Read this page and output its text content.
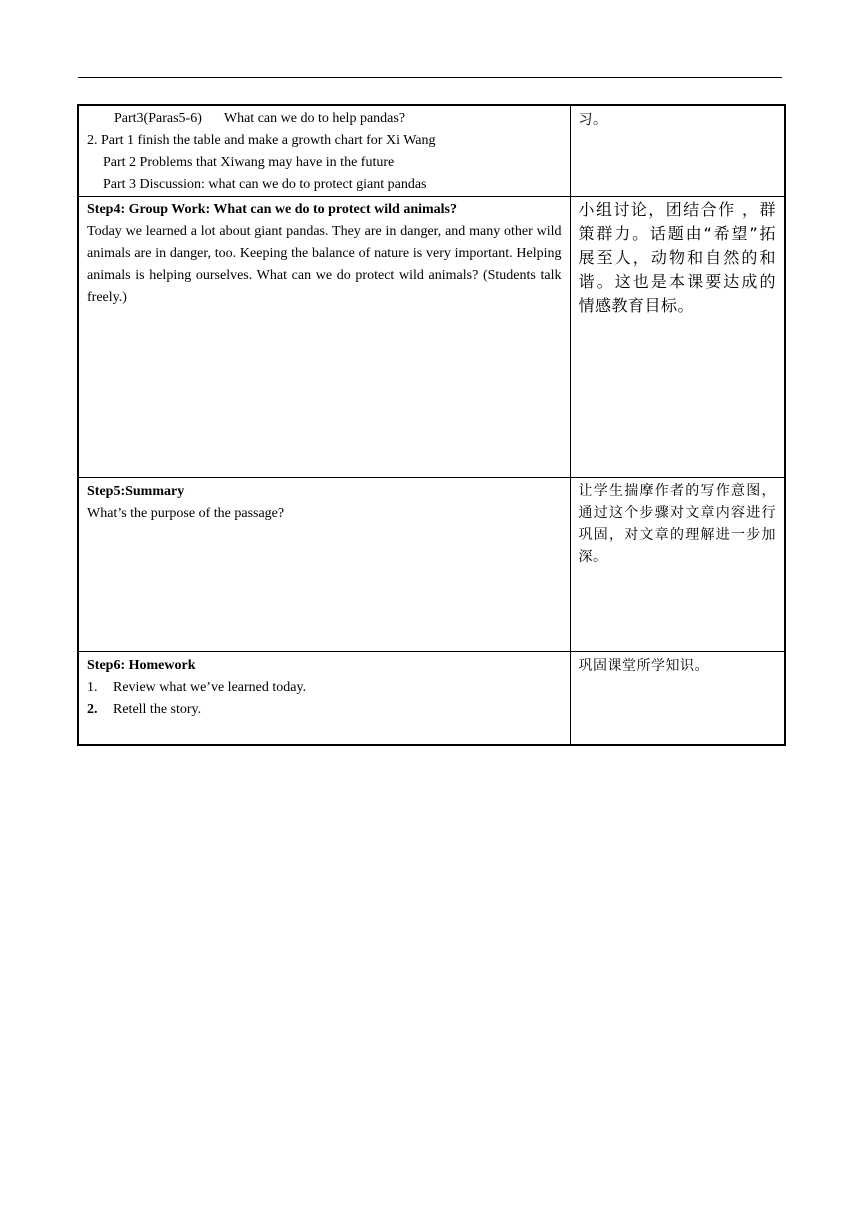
Part3(Paras5-6) What can we do to help pandas?

2. Part 1 finish the table and make a growth chart for Xi Wang

Part 2 Problems that Xiwang may have in the future

Part 3 Discussion: what can we do to protect giant pandas	习。

Step4: Group Work: What can we do to protect wild animals?

Today we learned a lot about giant pandas. They are in danger, and many other wild animals are in danger, too. Keeping the balance of nature is very important. Helping animals is helping ourselves. What can we do protect wild animals? (Students talk freely.)	小组讨论，团结合作 ，群策群力。话题由“希望”拓展至人，动物和自然的和谐。这也是本课要达成的情感教育目标。

Step5:Summary

What’s the purpose of the passage?	让学生揣摩作者的写作意图，通过这个步骤对文章内容进行巩固，对文章的理解进一步加深。

Step6: Homework

1. Review what we’ve learned today.

2. Retell the story.	巩固课堂所学知识。
